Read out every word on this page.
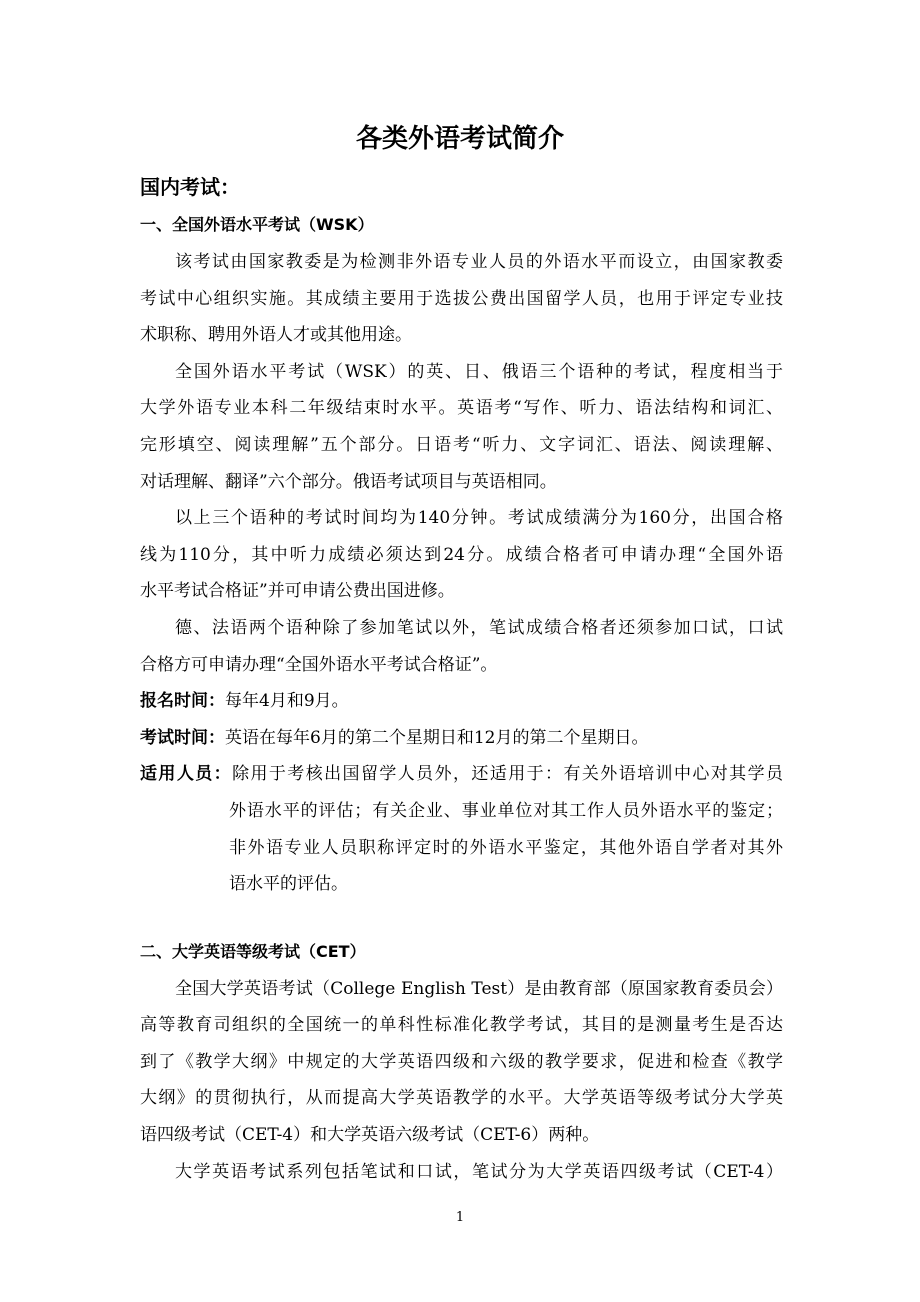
各类外语考试简介
国内考试：
一、全国外语水平考试（WSK）
该考试由国家教委是为检测非外语专业人员的外语水平而设立，由国家教委
考试中心组织实施。其成绩主要用于选拔公费出国留学人员，也用于评定专业技
术职称、聘用外语人才或其他用途。
全国外语水平考试（WSK）的英、日、俄语三个语种的考试，程度相当于
大学外语专业本科二年级结束时水平。英语考“写作、听力、语法结构和词汇、
完形填空、阅读理解”五个部分。日语考“听力、文字词汇、语法、阅读理解、
对话理解、翻译”六个部分。俄语考试项目与英语相同。
以上三个语种的考试时间均为140分钟。考试成绩满分为160分，出国合格
线为110分，其中听力成绩必须达到24分。成绩合格者可申请办理“全国外语
水平考试合格证”并可申请公费出国进修。
德、法语两个语种除了参加笔试以外，笔试成绩合格者还须参加口试，口试
合格方可申请办理“全国外语水平考试合格证”。
报名时间：每年4月和9月。
考试时间：英语在每年6月的第二个星期日和12月的第二个星期日。
适用人员：除用于考核出国留学人员外，还适用于：有关外语培训中心对其学员
外语水平的评估；有关企业、事业单位对其工作人员外语水平的鉴定；
非外语专业人员职称评定时的外语水平鉴定，其他外语自学者对其外
语水平的评估。
二、大学英语等级考试（CET）
全国大学英语考试（College English Test）是由教育部（原国家教育委员会）
高等教育司组织的全国统一的单科性标准化教学考试，其目的是测量考生是否达
到了《教学大纲》中规定的大学英语四级和六级的教学要求，促进和检查《教学
大纲》的贯彻执行，从而提高大学英语教学的水平。大学英语等级考试分大学英
语四级考试（CET-4）和大学英语六级考试（CET-6）两种。
大学英语考试系列包括笔试和口试，笔试分为大学英语四级考试（CET-4）
1
